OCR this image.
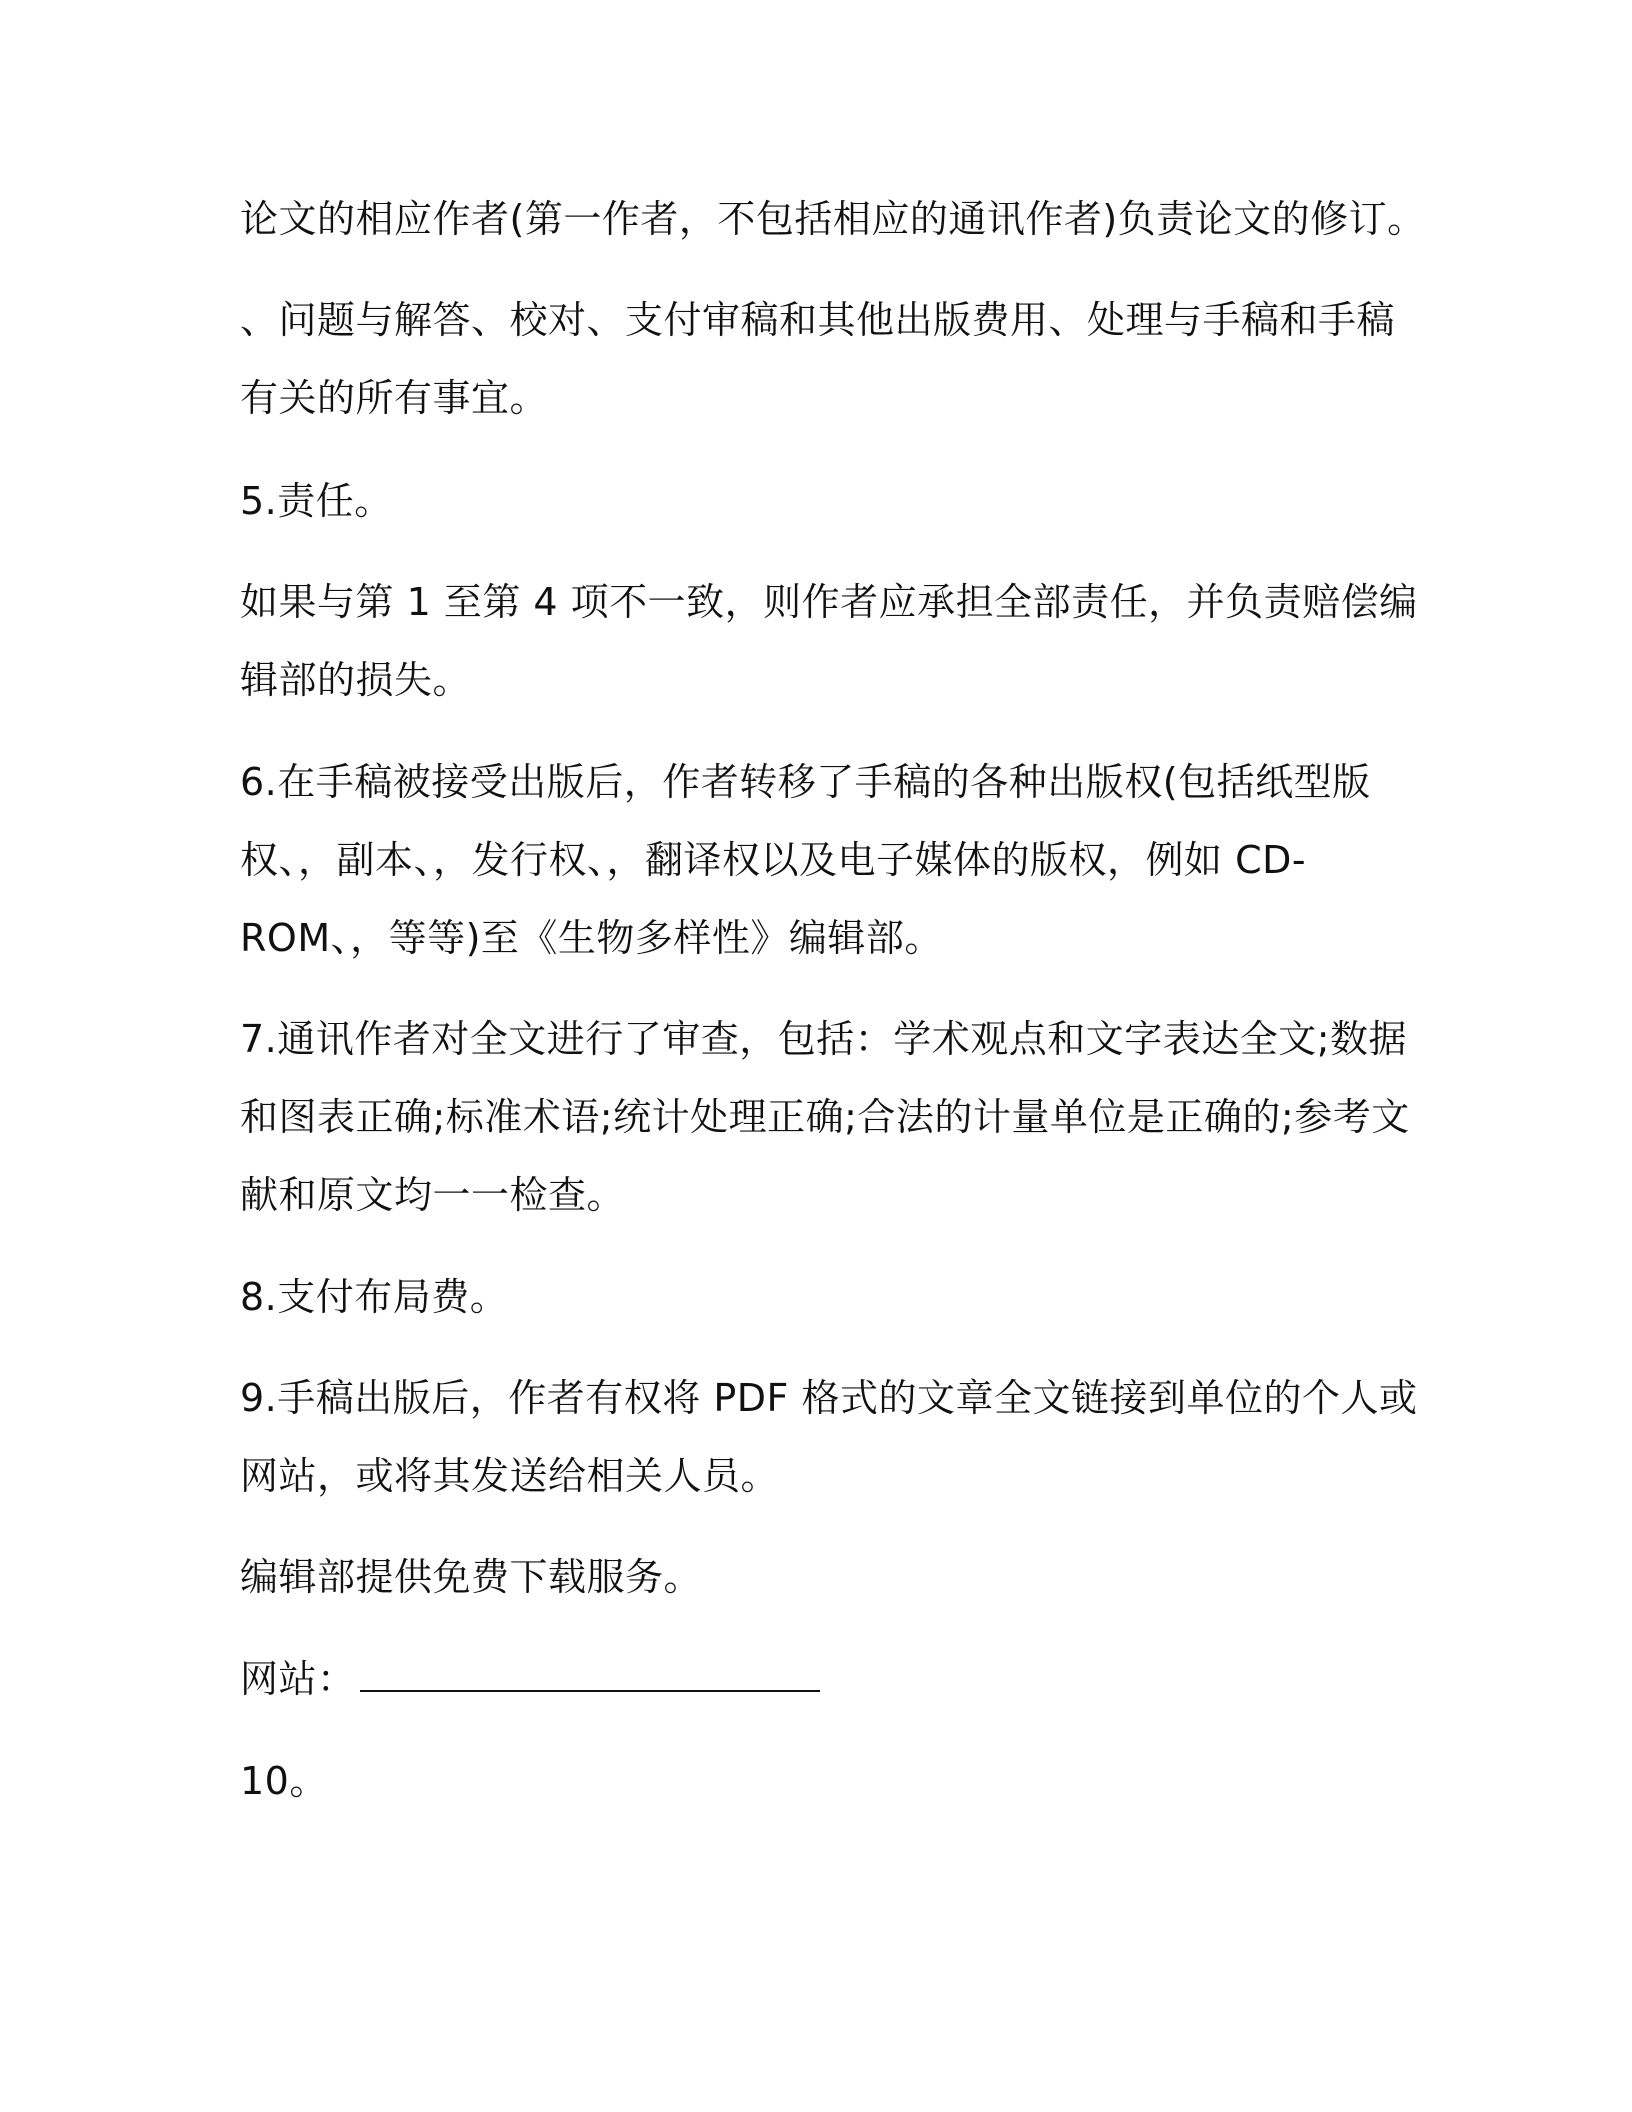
论文的相应作者(第一作者，不包括相应的通讯作者)负责论文的修订。
、问题与解答、校对、支付审稿和其他出版费用、处理与手稿和手稿
有关的所有事宜。
5.责任。
如果与第 1 至第 4 项不一致，则作者应承担全部责任，并负责赔偿编
辑部的损失。
6.在手稿被接受出版后，作者转移了手稿的各种出版权(包括纸型版
权、，副本、，发行权、，翻译权以及电子媒体的版权，例如 CD-
ROM、，等等)至《生物多样性》编辑部。
7.通讯作者对全文进行了审查，包括：学术观点和文字表达全文;数据
和图表正确;标准术语;统计处理正确;合法的计量单位是正确的;参考文
献和原文均一一检查。
8.支付布局费。
9.手稿出版后，作者有权将 PDF 格式的文章全文链接到单位的个人或
网站，或将其发送给相关人员。
编辑部提供免费下载服务。
网站：
10。
